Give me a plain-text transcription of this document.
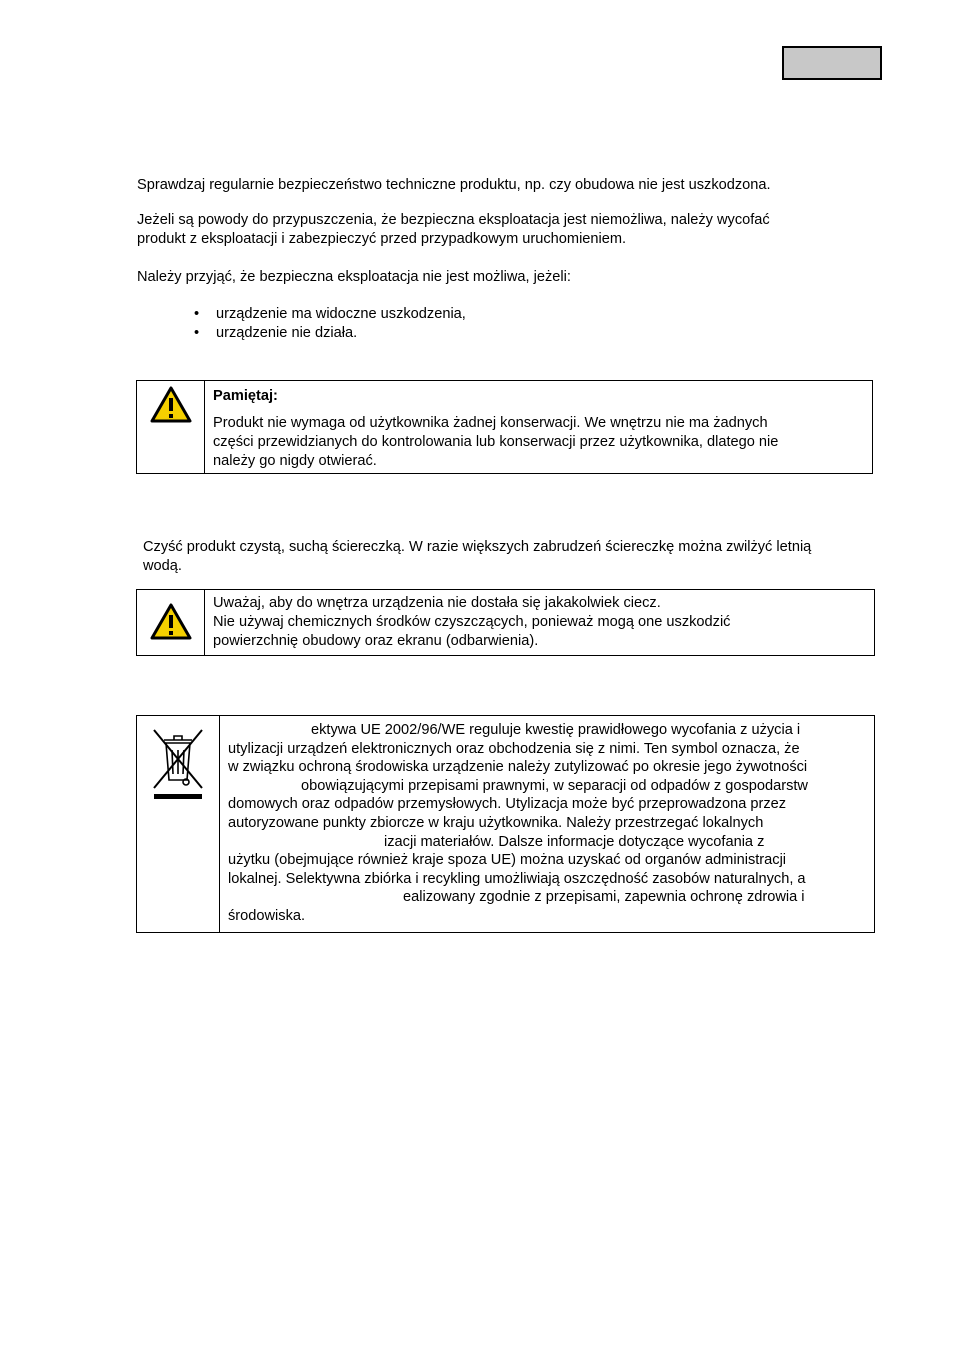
Sprawdzaj regularnie bezpieczeństwo techniczne produktu, np. czy obudowa nie jest uszkodzona.

Jeżeli są powody do przypuszczenia, że bezpieczna eksploatacja jest niemożliwa, należy wycofać
produkt z eksploatacji i zabezpieczyć przed przypadkowym uruchomieniem.

Należy przyjąć, że bezpieczna eksploatacja nie jest możliwa, jeżeli:

• urządzenie ma widoczne uszkodzenia,
• urządzenie nie działa.

Pamiętaj:

Produkt nie wymaga od użytkownika żadnej konserwacji. We wnętrzu nie ma żadnych

części przewidzianych do kontrolowania lub konserwacji przez użytkownika, dlatego nie

należy go nigdy otwierać.

Czyść produkt czystą, suchą ściereczką. W razie większych zabrudzeń ściereczkę można zwilżyć letnią
wodą.

Uważaj, aby do wnętrza urządzenia nie dostała się jakakolwiek ciecz.

Nie używaj chemicznych środków czyszczących, ponieważ mogą one uszkodzić

powierzchnię obudowy oraz ekranu (odbarwienia).

ektywa UE 2002/96/WE reguluje kwestię prawidłowego wycofania z użycia i

utylizacji urządzeń elektronicznych oraz obchodzenia się z nimi. Ten symbol oznacza, że

w związku ochroną środowiska urządzenie należy zutylizować po okresie jego żywotności

obowiązującymi przepisami prawnymi, w separacji od odpadów z gospodarstw

domowych oraz odpadów przemysłowych. Utylizacja może być przeprowadzona przez

autoryzowane punkty zbiorcze w kraju użytkownika. Należy przestrzegać lokalnych

izacji materiałów. Dalsze informacje dotyczące wycofania z

użytku (obejmujące również kraje spoza UE) można uzyskać od organów administracji

lokalnej. Selektywna zbiórka i recykling umożliwiają oszczędność zasobów naturalnych, a

ealizowany zgodnie z przepisami, zapewnia ochronę zdrowia i

środowiska.
